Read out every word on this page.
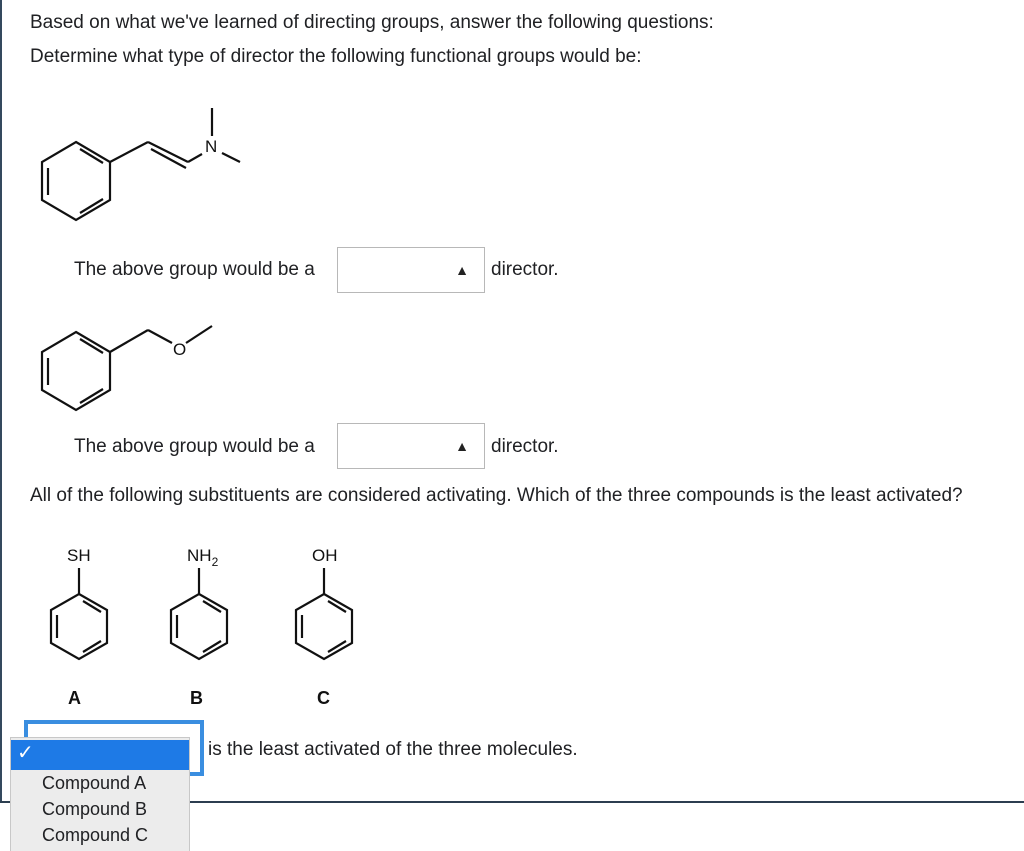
Based on what we've learned of directing groups, answer the following questions:
Determine what type of director the following functional groups would be:
N
The above group would be a	▲ director.
O
The above group would be a	▲ director.
All of the following substituents are considered activating. Which of the three compounds is the least activated?
SH
A
$NH_2$
B
OH
C
is the least activated of the three molecules.
✓
Compound A
Compound B
Compound C
